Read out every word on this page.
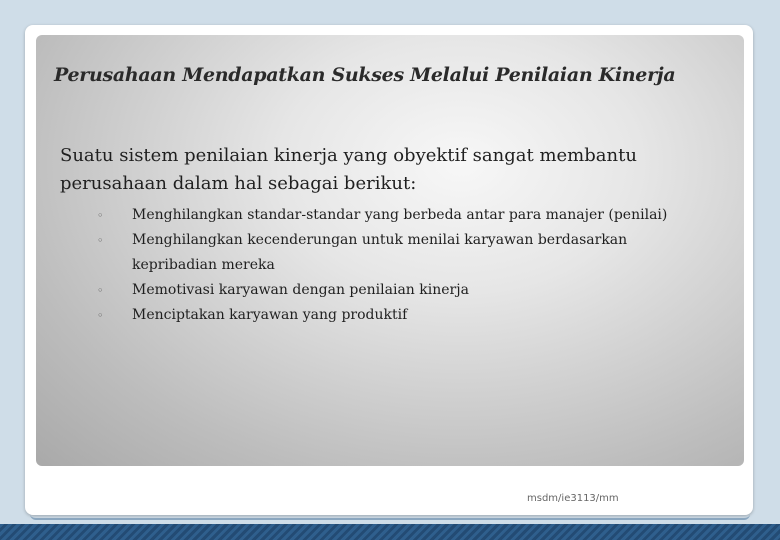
Perusahaan Mendapatkan Sukses Melalui Penilaian Kinerja

Suatu sistem penilaian kinerja yang obyektif sangat membantu perusahaan dalam hal sebagai berikut:

◦ Menghilangkan standar-standar yang berbeda antar para manajer (penilai)
◦ Menghilangkan kecenderungan untuk menilai karyawan berdasarkan kepribadian mereka
◦ Memotivasi karyawan dengan penilaian kinerja
◦ Menciptakan karyawan yang produktif
msdm/ie3113/mm
